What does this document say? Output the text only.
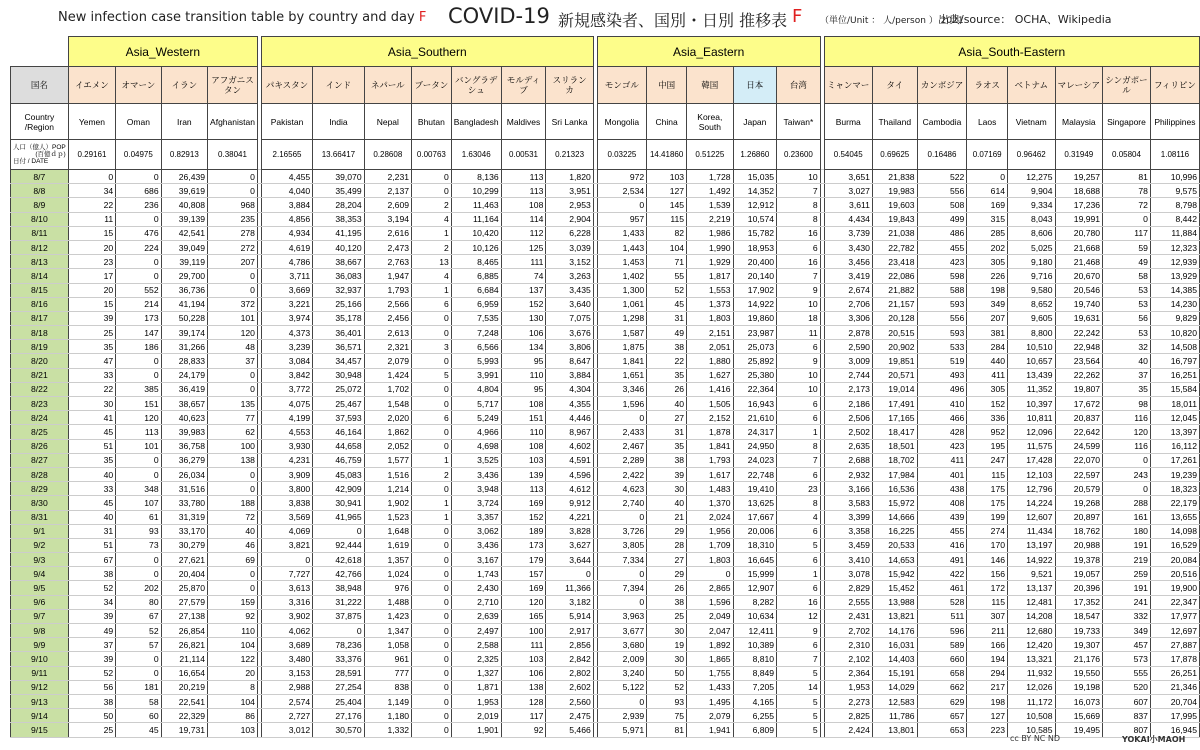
New infection case transition table by country and day F COVID-19 新規感染者、国別・日別 推移表 F （単位/Unit ： 人/person ） 2021
出典/source： OCHA、Wikipedia
	Asia_Western					Asia_Southern								Asia_Eastern						Asia_South-Eastern							
国名	イエメン	オマーン	イラン	アフガニスタン		パキスタン	インド	ネパール	ブータン	バングラデシュ	モルディブ	スリランカ		モンゴル	中国	韓国	日本	台湾		ミャンマー	タイ	カンボジア	ラオス	ベトナム	マレーシア	シンガポール	フィリピン
Country /Region	Yemen	Oman	Iran	Afghanistan		Pakistan	India	Nepal	Bhutan	Bangladesh	Maldives	Sri Lanka		Mongolia	China	Korea, South	Japan	Taiwan*		Burma	Thailand	Cambodia	Laos	Vietnam	Malaysia	Singapore	Philippines

人口（億人）POP
(百億ｄｐ)
日付 / DATE	0.29161	0.04975	0.82913	0.38041		2.16565	13.66417	0.28608	0.00763	1.63046	0.00531	0.21323		0.03225	14.41860	0.51225	1.26860	0.23600		0.54045	0.69625	0.16486	0.07169	0.96462	0.31949	0.05804	1.08116
8/7	0	0	26,439	0		4,455	39,070	2,231	0	8,136	113	1,820		972	103	1,728	15,035	10		3,651	21,838	522	0	12,275	19,257	81	10,996
8/8	34	686	39,619	0		4,040	35,499	2,137	0	10,299	113	3,951		2,534	127	1,492	14,352	7		3,027	19,983	556	614	9,904	18,688	78	9,575
8/9	22	236	40,808	968		3,884	28,204	2,609	2	11,463	108	2,953		0	145	1,539	12,912	8		3,611	19,603	508	169	9,334	17,236	72	8,798
8/10	11	0	39,139	235		4,856	38,353	3,194	4	11,164	114	2,904		957	115	2,219	10,574	8		4,434	19,843	499	315	8,043	19,991	0	8,442
8/11	15	476	42,541	278		4,934	41,195	2,616	1	10,420	112	6,228		1,433	82	1,986	15,782	16		3,739	21,038	486	285	8,606	20,780	117	11,884
8/12	20	224	39,049	272		4,619	40,120	2,473	2	10,126	125	3,039		1,443	104	1,990	18,953	6		3,430	22,782	455	202	5,025	21,668	59	12,323
8/13	23	0	39,119	207		4,786	38,667	2,763	13	8,465	111	3,152		1,453	71	1,929	20,400	16		3,456	23,418	423	305	9,180	21,468	49	12,939
8/14	17	0	29,700	0		3,711	36,083	1,947	4	6,885	74	3,263		1,402	55	1,817	20,140	7		3,419	22,086	598	226	9,716	20,670	58	13,929
8/15	20	552	36,736	0		3,669	32,937	1,793	1	6,684	137	3,435		1,300	52	1,553	17,902	9		2,674	21,882	588	198	9,580	20,546	53	14,385
8/16	15	214	41,194	372		3,221	25,166	2,566	6	6,959	152	3,640		1,061	45	1,373	14,922	10		2,706	21,157	593	349	8,652	19,740	53	14,230
8/17	39	173	50,228	101		3,974	35,178	2,456	0	7,535	130	7,075		1,298	31	1,803	19,860	18		3,306	20,128	556	207	9,605	19,631	56	9,829
8/18	25	147	39,174	120		4,373	36,401	2,613	0	7,248	106	3,676		1,587	49	2,151	23,987	11		2,878	20,515	593	381	8,800	22,242	53	10,820
8/19	35	186	31,266	48		3,239	36,571	2,321	3	6,566	134	3,806		1,875	38	2,051	25,073	6		2,590	20,902	533	284	10,510	22,948	32	14,508
8/20	47	0	28,833	37		3,084	34,457	2,079	0	5,993	95	8,647		1,841	22	1,880	25,892	9		3,009	19,851	519	440	10,657	23,564	40	16,797
8/21	33	0	24,179	0		3,842	30,948	1,424	5	3,991	110	3,884		1,651	35	1,627	25,380	10		2,744	20,571	493	411	13,439	22,262	37	16,251
8/22	22	385	36,419	0		3,772	25,072	1,702	0	4,804	95	4,304		3,346	26	1,416	22,364	10		2,173	19,014	496	305	11,352	19,807	35	15,584
8/23	30	151	38,657	135		4,075	25,467	1,548	0	5,717	108	4,355		1,596	40	1,505	16,943	6		2,186	17,491	410	152	10,397	17,672	98	18,011
8/24	41	120	40,623	77		4,199	37,593	2,020	6	5,249	151	4,446		0	27	2,152	21,610	6		2,506	17,165	466	336	10,811	20,837	116	12,045
8/25	45	113	39,983	62		4,553	46,164	1,862	0	4,966	110	8,967		2,433	31	1,878	24,317	1		2,502	18,417	428	952	12,096	22,642	120	13,397
8/26	51	101	36,758	100		3,930	44,658	2,052	0	4,698	108	4,602		2,467	35	1,841	24,950	8		2,635	18,501	423	195	11,575	24,599	116	16,112
8/27	35	0	36,279	138		4,231	46,759	1,577	1	3,525	103	4,591		2,289	38	1,793	24,023	7		2,688	18,702	411	247	17,428	22,070	0	17,261
8/28	40	0	26,034	0		3,909	45,083	1,516	2	3,436	139	4,596		2,422	39	1,617	22,748	6		2,932	17,984	401	115	12,103	22,597	243	19,239
8/29	33	348	31,516	0		3,800	42,909	1,214	0	3,948	113	4,612		4,623	30	1,483	19,410	23		3,166	16,536	438	175	12,796	20,579	0	18,323
8/30	45	107	33,780	188		3,838	30,941	1,902	1	3,724	169	9,912		2,740	40	1,370	13,625	8		3,583	15,972	408	175	14,224	19,268	288	22,179
8/31	40	61	31,319	72		3,569	41,965	1,523	1	3,357	152	4,221		0	21	2,024	17,667	4		3,399	14,666	439	199	12,607	20,897	161	13,655
9/1	31	93	33,170	40		4,069	0	1,648	0	3,062	189	3,828		3,726	29	1,956	20,006	6		3,358	16,225	455	274	11,434	18,762	180	14,098
9/2	51	73	30,279	46		3,821	92,444	1,619	0	3,436	173	3,627		3,805	28	1,709	18,310	5		3,459	20,533	416	170	13,197	20,988	191	16,529
9/3	67	0	27,621	69		0	42,618	1,357	0	3,167	179	3,644		7,334	27	1,803	16,645	6		3,410	14,653	491	146	14,922	19,378	219	20,084
9/4	38	0	20,404	0		7,727	42,766	1,024	0	1,743	157	0		0	29	0	15,999	1		3,078	15,942	422	156	9,521	19,057	259	20,516
9/5	52	202	25,870	0		3,613	38,948	976	0	2,430	169	11,366		7,394	26	2,865	12,907	6		2,829	15,452	461	172	13,137	20,396	191	19,900
9/6	34	80	27,579	159		3,316	31,222	1,488	0	2,710	120	3,182		0	38	1,596	8,282	16		2,555	13,988	528	115	12,481	17,352	241	22,347
9/7	39	67	27,138	92		3,902	37,875	1,423	0	2,639	165	5,914		3,963	25	2,049	10,634	12		2,431	13,821	511	307	14,208	18,547	332	17,977
9/8	49	52	26,854	110		4,062	0	1,347	0	2,497	100	2,917		3,677	30	2,047	12,411	9		2,702	14,176	596	211	12,680	19,733	349	12,697
9/9	37	57	26,821	104		3,689	78,236	1,058	0	2,588	111	2,856		3,680	19	1,892	10,389	6		2,310	16,031	589	166	12,420	19,307	457	27,887
9/10	39	0	21,114	122		3,480	33,376	961	0	2,325	103	2,842		2,009	30	1,865	8,810	7		2,102	14,403	660	194	13,321	21,176	573	17,878
9/11	52	0	16,654	20		3,153	28,591	777	0	1,327	106	2,802		3,240	50	1,755	8,849	5		2,364	15,191	658	294	11,932	19,550	555	26,251
9/12	56	181	20,219	8		2,988	27,254	838	0	1,871	138	2,602		5,122	52	1,433	7,205	14		1,953	14,029	662	217	12,026	19,198	520	21,346
9/13	38	58	22,541	104		2,574	25,404	1,149	0	1,953	128	2,560		0	93	1,495	4,165	5		2,273	12,583	629	198	11,172	16,073	607	20,704
9/14	50	60	22,329	86		2,727	27,176	1,180	0	2,019	117	2,475		2,939	75	2,079	6,255	5		2,825	11,786	657	127	10,508	15,669	837	17,995
9/15	25	45	19,731	103		3,012	30,570	1,332	0	1,901	92	5,466		5,971	81	1,941	6,809	5		2,424	13,801	653	223	10,585	19,495	807	16,945
cc BY NC ND	YOKAI小MAOH
